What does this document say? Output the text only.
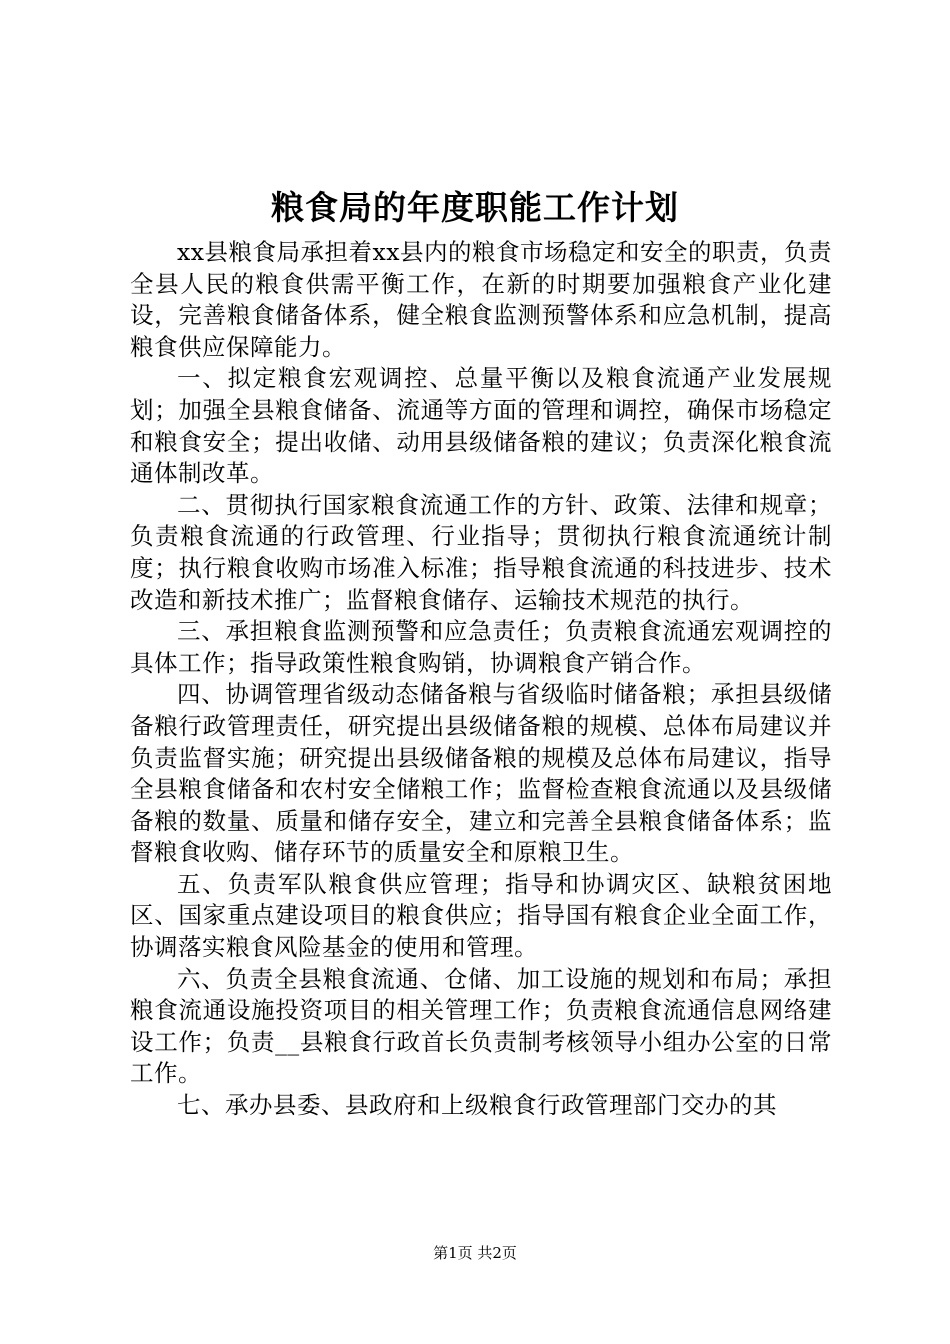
粮食局的年度职能工作计划

xx县粮食局承担着xx县内的粮食市场稳定和安全的职责，负责全县人民的粮食供需平衡工作，在新的时期要加强粮食产业化建设，完善粮食储备体系，健全粮食监测预警体系和应急机制，提高粮食供应保障能力。

一、拟定粮食宏观调控、总量平衡以及粮食流通产业发展规划；加强全县粮食储备、流通等方面的管理和调控，确保市场稳定和粮食安全；提出收储、动用县级储备粮的建议；负责深化粮食流通体制改革。

二、贯彻执行国家粮食流通工作的方针、政策、法律和规章；负责粮食流通的行政管理、行业指导；贯彻执行粮食流通统计制度；执行粮食收购市场准入标准；指导粮食流通的科技进步、技术改造和新技术推广；监督粮食储存、运输技术规范的执行。

三、承担粮食监测预警和应急责任；负责粮食流通宏观调控的具体工作；指导政策性粮食购销，协调粮食产销合作。

四、协调管理省级动态储备粮与省级临时储备粮；承担县级储备粮行政管理责任，研究提出县级储备粮的规模、总体布局建议并负责监督实施；研究提出县级储备粮的规模及总体布局建议，指导全县粮食储备和农村安全储粮工作；监督检查粮食流通以及县级储备粮的数量、质量和储存安全，建立和完善全县粮食储备体系；监督粮食收购、储存环节的质量安全和原粮卫生。

五、负责军队粮食供应管理；指导和协调灾区、缺粮贫困地区、国家重点建设项目的粮食供应；指导国有粮食企业全面工作，协调落实粮食风险基金的使用和管理。

六、负责全县粮食流通、仓储、加工设施的规划和布局；承担粮食流通设施投资项目的相关管理工作；负责粮食流通信息网络建设工作；负责__县粮食行政首长负责制考核领导小组办公室的日常工作。

七、承办县委、县政府和上级粮食行政管理部门交办的其

第1页 共2页
